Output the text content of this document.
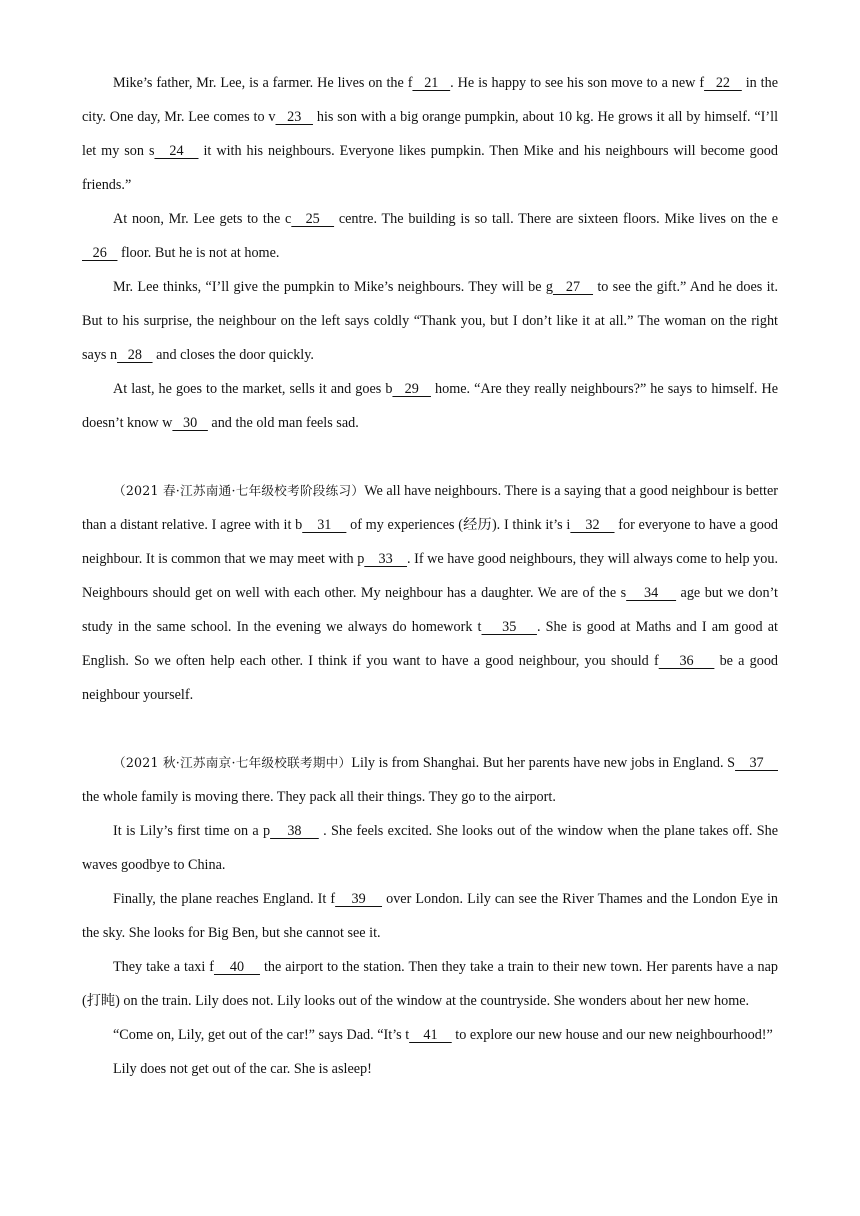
Mike’s father, Mr. Lee, is a farmer. He lives on the f   21   . He is happy to see his son move to a new f   22    in the city. One day, Mr. Lee comes to v   23    his son with a big orange pumpkin, about 10 kg. He grows it all by himself. “I’ll let my son s   24    it with his neighbours. Everyone likes pumpkin. Then Mike and his neighbours will become good friends.”

At noon, Mr. Lee gets to the c   25    centre. The building is so tall. There are sixteen floors. Mike lives on the e   26    floor. But he is not at home.

Mr. Lee thinks, “I’ll give the pumpkin to Mike’s neighbours. They will be g   27    to see the gift.” And he does it. But to his surprise, the neighbour on the left says coldly “Thank you, but I don’t like it at all.” The woman on the right says n   28    and closes the door quickly.

At last, he goes to the market, sells it and goes b   29    home. “Are they really neighbours?” he says to himself. He doesn’t know w   30    and the old man feels sad.

（2021 春·江苏南通·七年级校考阶段练习）We all have neighbours. There is a saying that a good neighbour is better than a distant relative. I agree with it b    31     of my experiences (经历). I think it’s i    32     for everyone to have a good neighbour. It is common that we may meet with p    33    . If we have good neighbours, they will always come to help you. Neighbours should get on well with each other. My neighbour has a daughter. We are of the s    34     age but we don’t study in the same school. In the evening we always do homework t    35    . She is good at Maths and I am good at English. So we often help each other. I think if you want to have a good neighbour, you should f    36     be a good neighbour yourself.

（2021 秋·江苏南京·七年级校联考期中）Lily is from Shanghai. But her parents have new jobs in England. S    37     the whole family is moving there. They pack all their things. They go to the airport.

It is Lily’s first time on a p    38     . She feels excited. She looks out of the window when the plane takes off. She waves goodbye to China.

Finally, the plane reaches England. It f    39     over London. Lily can see the River Thames and the London Eye in the sky. She looks for Big Ben, but she cannot see it.

They take a taxi f    40     the airport to the station. Then they take a train to their new town. Her parents have a nap (打盹) on the train. Lily does not. Lily looks out of the window at the countryside. She wonders about her new home.

“Come on, Lily, get out of the car!” says Dad. “It’s t    41     to explore our new house and our new neighbourhood!”

Lily does not get out of the car. She is asleep!
